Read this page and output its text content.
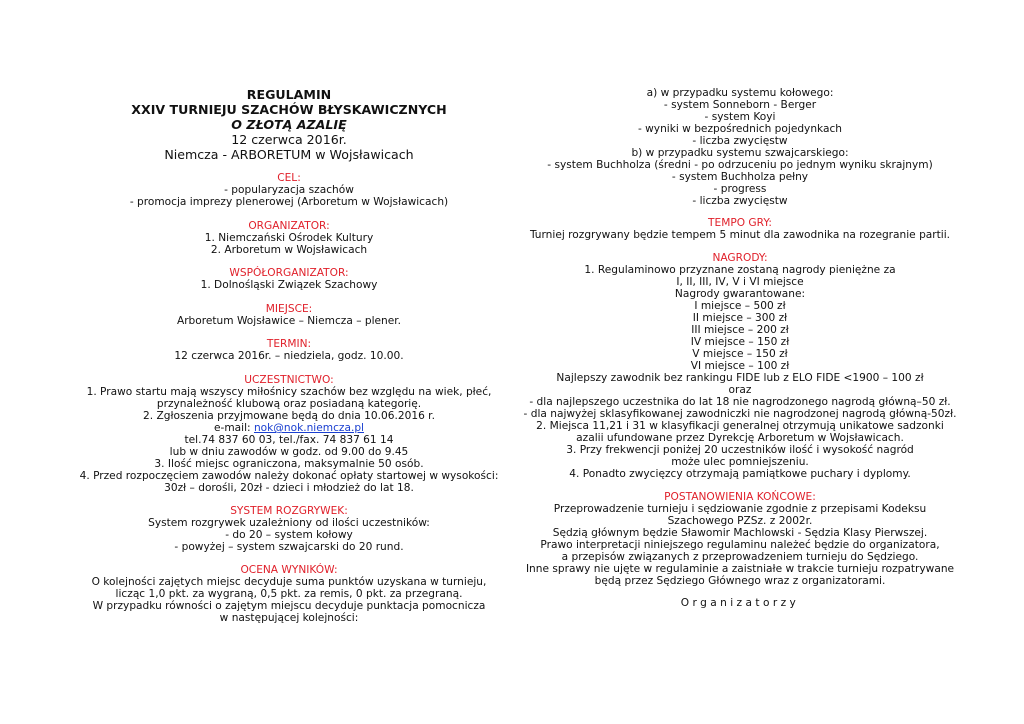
REGULAMIN
XXIV TURNIEJU SZACHÓW BŁYSKAWICZNYCH
O ZŁOTĄ AZALIĘ
12 czerwca 2016r.
Niemcza - ARBORETUM w Wojsławicach
CEL:
- popularyzacja szachów
- promocja imprezy plenerowej (Arboretum w Wojsławicach)
ORGANIZATOR:
1. Niemczański Ośrodek Kultury
2. Arboretum w Wojsławicach
WSPÓŁORGANIZATOR:
1. Dolnośląski Związek Szachowy
MIEJSCE:
Arboretum Wojsławice – Niemcza – plener.
TERMIN:
12 czerwca 2016r. – niedziela, godz. 10.00.
UCZESTNICTWO:
1. Prawo startu mają wszyscy miłośnicy szachów bez względu na wiek, płeć,
przynależność klubową oraz posiadaną kategorię.
2. Zgłoszenia przyjmowane będą do dnia 10.06.2016 r.
e-mail: nok@nok.niemcza.pl
tel.74 837 60 03, tel./fax. 74 837 61 14
lub w dniu zawodów w godz. od 9.00 do 9.45
3. Ilość miejsc ograniczona, maksymalnie 50 osób.
4. Przed rozpoczęciem zawodów należy dokonać opłaty startowej w wysokości:
30zł – dorośli, 20zł - dzieci i młodzież do lat 18.
SYSTEM ROZGRYWEK:
System rozgrywek uzależniony od ilości uczestników:
- do 20 – system kołowy
- powyżej – system szwajcarski do 20 rund.
OCENA WYNIKÓW:
O kolejności zajętych miejsc decyduje suma punktów uzyskana w turnieju,
licząc 1,0 pkt. za wygraną, 0,5 pkt. za remis, 0 pkt. za przegraną.
W przypadku równości o zajętym miejscu decyduje punktacja pomocnicza
w następującej kolejności:
a) w przypadku systemu kołowego:
- system Sonneborn - Berger
- system Koyi
- wyniki w bezpośrednich pojedynkach
- liczba zwycięstw
b) w przypadku systemu szwajcarskiego:
- system Buchholza (średni - po odrzuceniu po jednym wyniku skrajnym)
- system Buchholza pełny
- progress
- liczba zwycięstw
TEMPO GRY:
Turniej rozgrywany będzie tempem 5 minut dla zawodnika na rozegranie partii.
NAGRODY:
1. Regulaminowo przyznane zostaną nagrody pieniężne za
I, II, III, IV, V i VI miejsce
Nagrody gwarantowane:
I miejsce – 500 zł
II miejsce – 300 zł
III miejsce – 200 zł
IV miejsce – 150 zł
V miejsce – 150 zł
VI miejsce – 100 zł
Najlepszy zawodnik bez rankingu FIDE lub z ELO FIDE <1900 – 100 zł
oraz
- dla najlepszego uczestnika do lat 18 nie nagrodzonego nagrodą główną–50 zł.
- dla najwyżej sklasyfikowanej zawodniczki nie nagrodzonej nagrodą główną-50zł.
2. Miejsca 11,21 i 31 w klasyfikacji generalnej otrzymują unikatowe sadzonki
azalii ufundowane przez Dyrekcję Arboretum w Wojsławicach.
3. Przy frekwencji poniżej 20 uczestników ilość i wysokość nagród
może ulec pomniejszeniu.
4. Ponadto zwycięzcy otrzymają pamiątkowe puchary i dyplomy.
POSTANOWIENIA KOŃCOWE:
Przeprowadzenie turnieju i sędziowanie zgodnie z przepisami Kodeksu
Szachowego PZSz. z 2002r.
Sędzią głównym będzie Sławomir Machlowski - Sędzia Klasy Pierwszej.
Prawo interpretacji niniejszego regulaminu należeć będzie do organizatora,
a przepisów związanych z przeprowadzeniem turnieju do Sędziego.
Inne sprawy nie ujęte w regulaminie a zaistniałe w trakcie turnieju rozpatrywane
będą przez Sędziego Głównego wraz z organizatorami.
Organizatorzy
